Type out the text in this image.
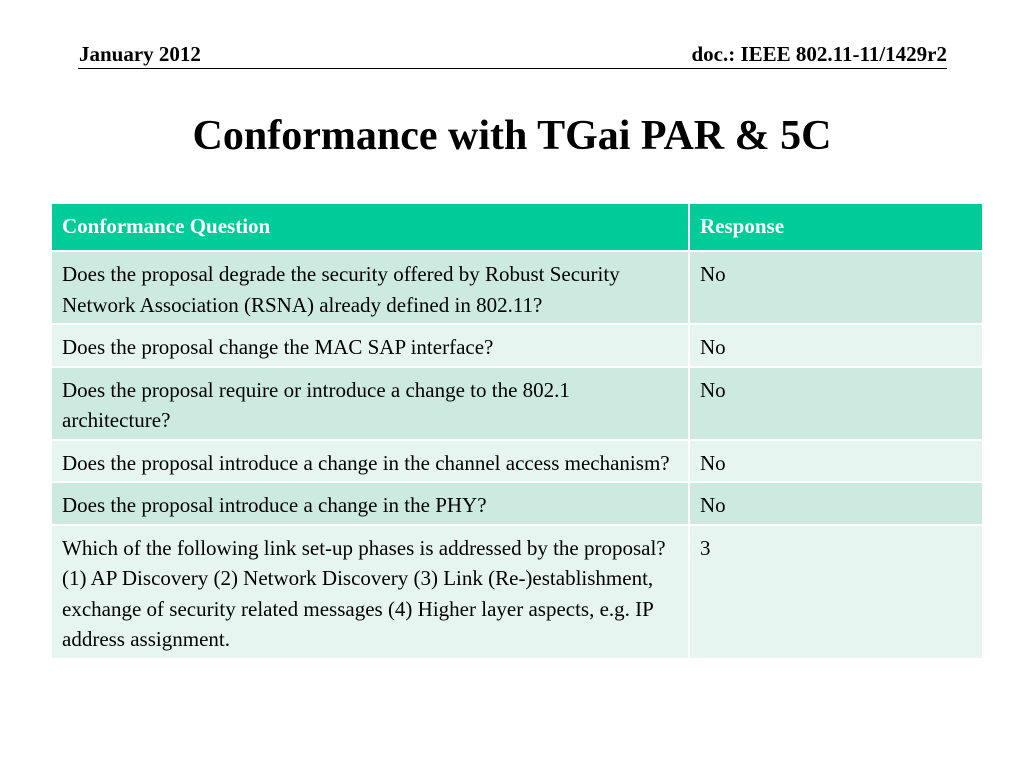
January 2012	doc.: IEEE 802.11-11/1429r2
Conformance with TGai PAR & 5C
Conformance Question	Response
Does the proposal degrade the security offered by Robust Security Network Association (RSNA) already defined in 802.11?	No
Does the proposal change the MAC SAP interface?	No
Does the proposal require or introduce a change to the 802.1 architecture?	No
Does the proposal introduce a change in the channel access mechanism?	No
Does the proposal introduce a change in the PHY?	No
Which of the following link set-up phases is addressed by the proposal? (1) AP Discovery (2) Network Discovery (3) Link (Re-)establishment, exchange of security related messages (4) Higher layer aspects, e.g. IP address assignment.	3
